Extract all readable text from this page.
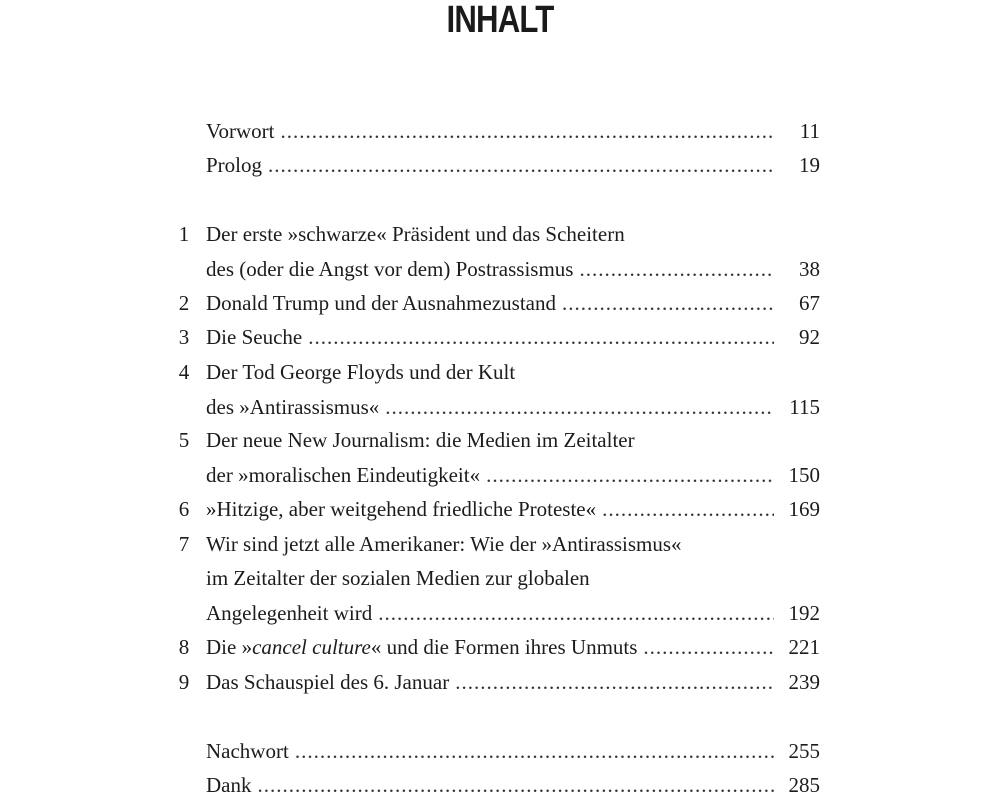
INHALT
Vorwort .....	11
Prolog .....	19
1 Der erste »schwarze« Präsident und das Scheitern
des (oder die Angst vor dem) Postrassismus .....	38
2 Donald Trump und der Ausnahmezustand .....	67
3 Die Seuche .....	92
4 Der Tod George Floyds und der Kult
des »Antirassismus« .....	115
5 Der neue New Journalism: die Medien im Zeitalter
der »moralischen Eindeutigkeit« .....	150
6 »Hitzige, aber weitgehend friedliche Proteste« .....	169
7 Wir sind jetzt alle Amerikaner: Wie der »Antirassismus«
im Zeitalter der sozialen Medien zur globalen
Angelegenheit wird .....	192
8 Die »cancel culture« und die Formen ihres Unmuts .....	221
9 Das Schauspiel des 6. Januar .....	239
Nachwort .....	255
Dank .....	285
